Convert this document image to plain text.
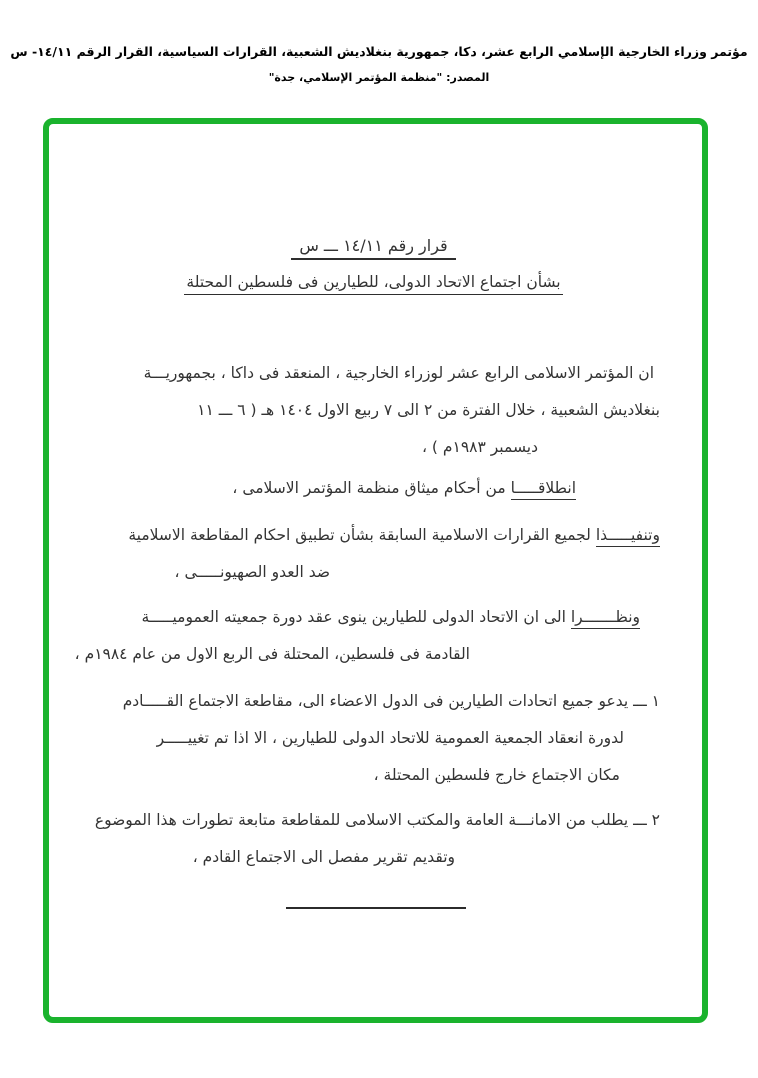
مؤتمر وزراء الخارجية الإسلامي الرابع عشر، دكا، جمهورية بنغلاديش الشعبية، القرارات السياسية، القرار الرقم ١٤/١١- س
المصدر: "منظمة المؤتمر الإسلامي، جدة"
قرار رقم ١٤/١١ ـــ س
بشأن اجتماع الاتحاد الدولى، للطيارين فى فلسطين المحتلة
ان المؤتمر الاسلامى الرابع عشر لوزراء الخارجية ، المنعقد فى داكا ، بجمهوريـــة
بنغلاديش الشعبية ، خلال الفترة من ٢ الى ٧ ربيع الاول ١٤٠٤ هـ ( ٦ ـــ ١١
ديسمبر ١٩٨٣م ) ،
انطلاقـــــا من أحكام ميثاق منظمة المؤتمر الاسلامى ،
وتنفيـــــذا لجميع القرارات الاسلامية السابقة بشأن تطبيق احكام المقاطعة الاسلامية
ضد العدو الصهيونـــــى ،
ونظـــــــرا الى ان الاتحاد الدولى للطيارين ينوى عقد دورة جمعيته العموميـــــة
القادمة فى فلسطين، المحتلة فى الربع الاول من عام ١٩٨٤م ،
١ ـــ يدعو جميع اتحادات الطيارين فى الدول الاعضاء الى، مقاطعة الاجتماع القـــــادم
لدورة انعقاد الجمعية العمومية للاتحاد الدولى للطيارين ، الا اذا تم تغييـــــر
مكان الاجتماع خارج فلسطين المحتلة ،
٢ ـــ يطلب من الامانـــة العامة والمكتب الاسلامى للمقاطعة متابعة تطورات هذا الموضوع
وتقديم تقرير مفصل الى الاجتماع القادم ،
